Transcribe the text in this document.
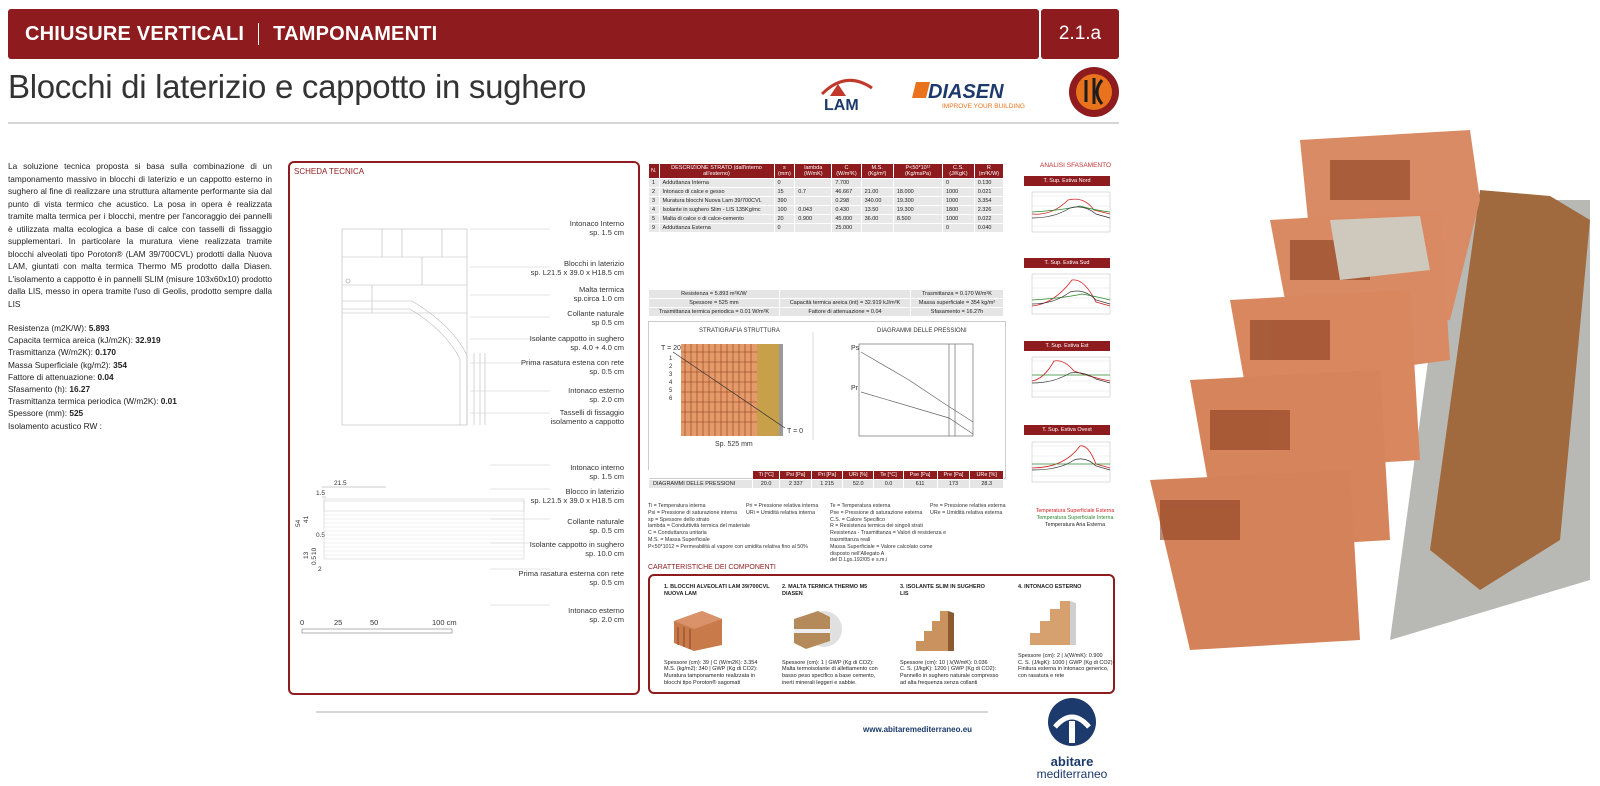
CHIUSURE VERTICALI TAMPONAMENTI	2.1.a
Blocchi di laterizio e cappotto in sughero
LAM
DIASEN
IMPROVE YOUR BUILDING
La soluzione tecnica proposta si basa sulla combinazione di un tamponamento massivo in blocchi di laterizio e un cappotto esterno in sughero al fine di realizzare una struttura altamente performante sia dal punto di vista termico che acustico. La posa in opera è realizzata tramite malta termica per i blocchi, mentre per l'ancoraggio dei pannelli è utilizzata malta ecologica a base di calce con tasselli di fissaggio supplementari. In particolare la muratura viene realizzata tramite blocchi alveolati tipo Poroton® (LAM 39/700CVL) prodotti dalla Nuova LAM, giuntati con malta termica Thermo M5 prodotto dalla Diasen. L'isolamento a cappotto è in pannelli SLIM (misure 103x60x10) prodotto dalla LIS, messo in opera tramite l'uso di Geolis, prodotto sempre dalla LIS
Resistenza (m2K/W): 5.893
Capacita termica areica (kJ/m2K): 32.919
Trasmittanza (W/m2K): 0.170
Massa Superficiale (kg/m2): 354
Fattore di attenuazione: 0.04
Sfasamento (h): 16.27
Trasmittanza termica periodica (W/m2K): 0.01
Spessore (mm): 525
Isolamento acustico RW :
SCHEDA TECNICA
Intonaco Interno
sp. 1.5 cm
Blocchi in laterizio
sp. L21.5 x 39.0 x H18.5 cm
Malta termica
sp.circa 1.0 cm
Collante naturale
sp 0.5 cm
Isolante cappotto in sughero
sp. 4.0 + 4.0 cm
Prima rasatura estena con rete
sp. 0.5 cm
Intonaco esterno
sp. 2.0 cm
Tasselli di fissaggio
isolamento a cappotto
21.5
1.5
54
41
0.5
10
13
0.5
2
0	25	50	100 cm
Intonaco interno
sp. 1.5 cm
Blocco in laterizio
sp. L21.5 x 39.0 x H18.5 cm
Collante naturale
sp. 0.5 cm
Isolante cappotto in sughero
sp. 10.0 cm
Prima rasatura esterna con rete
sp. 0.5 cm
Intonaco esterno
sp. 2.0 cm
N.	DESCRIZIONE STRATO (dall'interno all'esterno)	s (mm)	lambda (W/mK)	C (W/m²K)	M.S. (Kg/m²)	P<50*10¹² (Kg/msPa)	C.S. (J/KgK)	R (m²K/W)
1	Adduttanza Interna	0		7.700			0	0.130
2	Intonaco di calce e gesso	15	0.7	46.667	21.00	18.000	1000	0.021
3	Muratura blocchi Nuova Lam 39/700CVL	390		0.298	340.00	19.300	1000	3.354
4	Isolante in sughero Slim - LIS 135Kg/mc	100	0.043	0.430	13.50	19.300	1800	2.326
5	Malta di calce o di calce-cemento	20	0.900	45.000	36.00	8.500	1000	0.022
9	Adduttanza Esterna	0		25.000			0	0.040
Resistenza = 5.893 m²K/W		Trasmittanza = 0.170 W/m²K
Spessore = 525 mm	Capacità termica areica (int) = 32.919 kJ/m²K	Massa superficiale = 354 kg/m²
Trasmittanza termica periodica = 0.01 W/m²K	Fattore di attenuazione = 0.04	Sfasamento = 16.27h
STRATIGRAFIA STRUTTURA	DIAGRAMMI DELLE PRESSIONI
T = 20
T = 0
Sp. 525 mm
1
2
3
4
5
6
Ps
Pr
	Ti [°C]	Psi [Pa]	Pri [Pa]	URi [%]	Te [°C]	Pse [Pa]	Pre [Pa]	URe [%]
DIAGRAMMI DELLE PRESSIONI	20.0	2 337	1 215	52.0	0.0	611	173	28.3
Ti = Temperatura interna
Psi = Pressione di saturazione interna
sp = Spessore dello strato
lambda = Conduttività termica del materiale
C = Conduttanza unitaria
M.S. = Massa Superficiale
P<50*1012 = Permeabilità al vapore con umidita relativa fino al 50%
Pri = Pressione relativa interna
URi = Umidità relativa interna
Te = Temperatura esterna
Pse = Pressione di saturazione esterna
C.S. = Calore Specifico
R = Resistenza termica dei singoli strati
Resistenza - Trasmittanza = Valori di resistenza e trasmittanza reali
Massa Superficiale = Valore calcolato come disposto nell'Allegato A
del D.Lgs.192/05 e s.m.i
Pre = Pressione relativa esterna
URe = Umidità relativa esterna
CARATTERISTICHE DEI COMPONENTI
1. BLOCCHI ALVEOLATI LAM 39/700CVL
NUOVA LAM
Spessore (cm): 39 | C (W/m2K): 3.354
M.S. (kg/m2): 340 | GWP (Kg di CO2):
Muratura tamponamento realizzata in
blocchi tipo Poroton® sagomati
2. MALTA TERMICA THERMO M5
DIASEN
Spessore (cm): 1 | GWP (Kg di CO2):
Malta termoisolante di allettamento con
basso peso specifico a base cemento,
inerti minerali leggeri e sabbie.
3. ISOLANTE SLIM IN SUGHERO
LIS
Spessore (cm): 10 | λ(W/mK): 0.036
C. S. (J/kgK): 1200 | GWP (Kg di CO2):
Pannello in sughero naturale compresso
ad alta frequenza senza collanti
4. INTONACO ESTERNO
Spessore (cm): 2 | λ(W/mK): 0.900
C. S. (J/kgK): 1000 | GWP (Kg di CO2):
Finitura esterna in intonaco generico,
con rasatura e rete
ANALISI SFASAMENTO
T. Sup. Estiva Nord
T. Sup. Estiva Sud
T. Sup. Estiva Est
T. Sup. Estiva Ovest
Temperatura Superficiale Esterna
Temperatura Superficiale Interna
Temperatura Aria Esterna
www.abitaremediterraneo.eu
abitare
mediterraneo
